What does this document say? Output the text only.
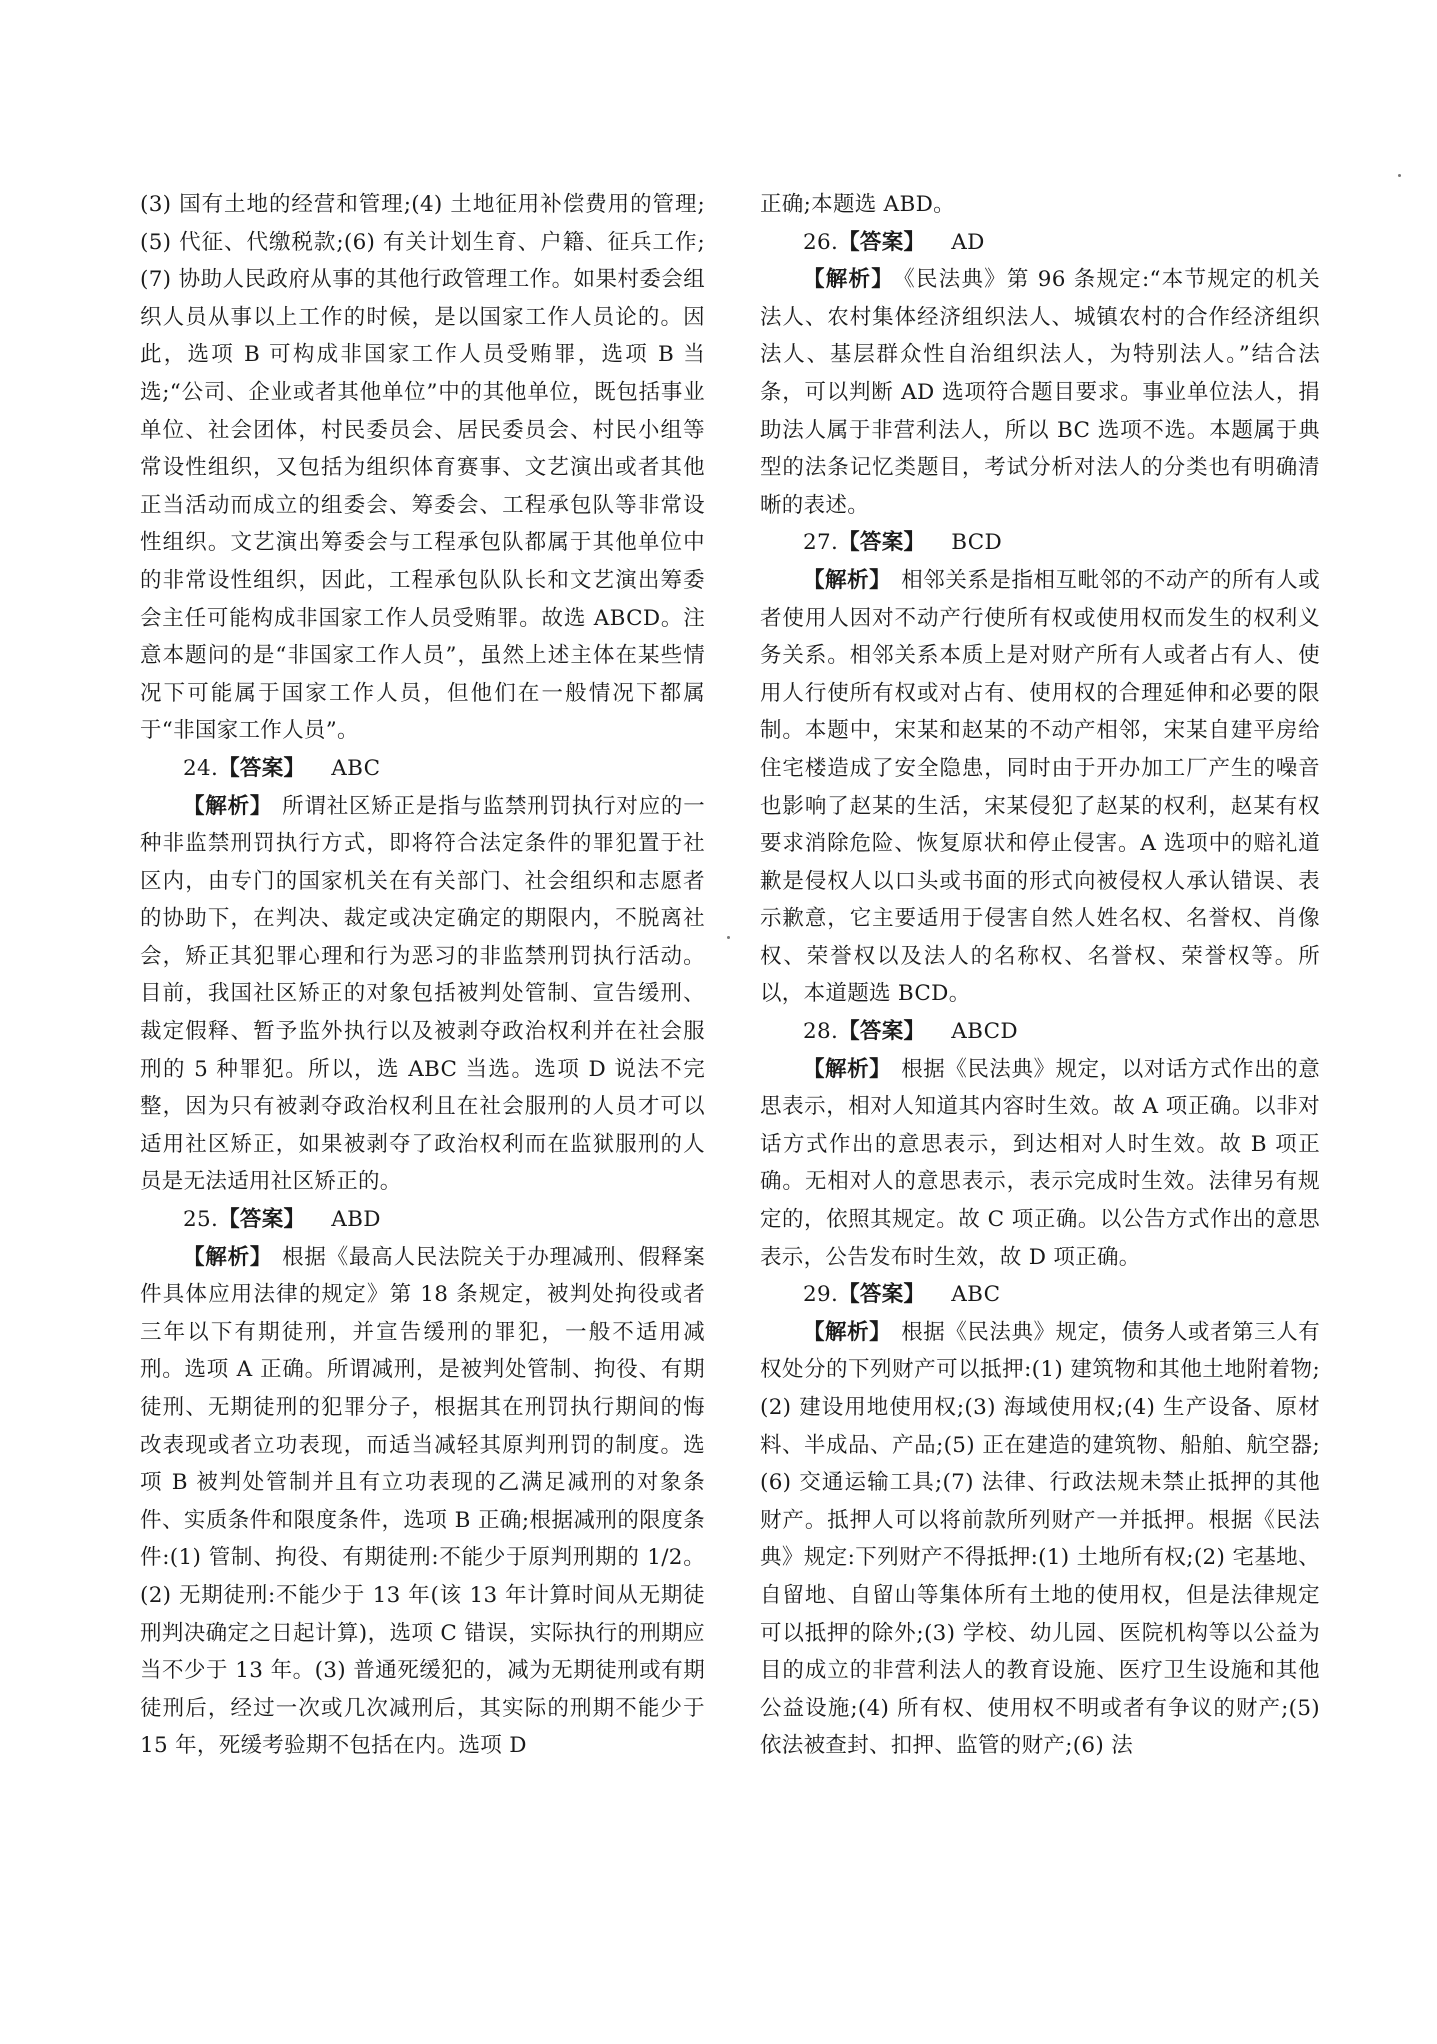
(3) 国有土地的经营和管理;(4) 土地征用补偿费用的管理;(5) 代征、代缴税款;(6) 有关计划生育、户籍、征兵工作;(7) 协助人民政府从事的其他行政管理工作。如果村委会组织人员从事以上工作的时候，是以国家工作人员论的。因此，选项 B 可构成非国家工作人员受贿罪，选项 B 当选;“公司、企业或者其他单位”中的其他单位，既包括事业单位、社会团体，村民委员会、居民委员会、村民小组等常设性组织，又包括为组织体育赛事、文艺演出或者其他正当活动而成立的组委会、筹委会、工程承包队等非常设性组织。文艺演出筹委会与工程承包队都属于其他单位中的非常设性组织，因此，工程承包队队长和文艺演出筹委会主任可能构成非国家工作人员受贿罪。故选 ABCD。注意本题问的是“非国家工作人员”，虽然上述主体在某些情况下可能属于国家工作人员，但他们在一般情况下都属于“非国家工作人员”。

24.【答案】 ABC

【解析】 所谓社区矫正是指与监禁刑罚执行对应的一种非监禁刑罚执行方式，即将符合法定条件的罪犯置于社区内，由专门的国家机关在有关部门、社会组织和志愿者的协助下，在判决、裁定或决定确定的期限内，不脱离社会，矫正其犯罪心理和行为恶习的非监禁刑罚执行活动。目前，我国社区矫正的对象包括被判处管制、宣告缓刑、裁定假释、暂予监外执行以及被剥夺政治权利并在社会服刑的 5 种罪犯。所以，选 ABC 当选。选项 D 说法不完整，因为只有被剥夺政治权利且在社会服刑的人员才可以适用社区矫正，如果被剥夺了政治权利而在监狱服刑的人员是无法适用社区矫正的。

25.【答案】 ABD

【解析】 根据《最高人民法院关于办理减刑、假释案件具体应用法律的规定》第 18 条规定，被判处拘役或者三年以下有期徒刑，并宣告缓刑的罪犯，一般不适用减刑。选项 A 正确。所谓减刑，是被判处管制、拘役、有期徒刑、无期徒刑的犯罪分子，根据其在刑罚执行期间的悔改表现或者立功表现，而适当减轻其原判刑罚的制度。选项 B 被判处管制并且有立功表现的乙满足减刑的对象条件、实质条件和限度条件，选项 B 正确;根据减刑的限度条件:(1) 管制、拘役、有期徒刑:不能少于原判刑期的 1/2。(2) 无期徒刑:不能少于 13 年(该 13 年计算时间从无期徒刑判决确定之日起计算)，选项 C 错误，实际执行的刑期应当不少于 13 年。(3) 普通死缓犯的，减为无期徒刑或有期徒刑后，经过一次或几次减刑后，其实际的刑期不能少于 15 年，死缓考验期不包括在内。选项 D

正确;本题选 ABD。

26.【答案】 AD

【解析】 《民法典》第 96 条规定:“本节规定的机关法人、农村集体经济组织法人、城镇农村的合作经济组织法人、基层群众性自治组织法人，为特别法人。”结合法条，可以判断 AD 选项符合题目要求。事业单位法人，捐助法人属于非营利法人，所以 BC 选项不选。本题属于典型的法条记忆类题目，考试分析对法人的分类也有明确清晰的表述。

27.【答案】 BCD

【解析】 相邻关系是指相互毗邻的不动产的所有人或者使用人因对不动产行使所有权或使用权而发生的权利义务关系。相邻关系本质上是对财产所有人或者占有人、使用人行使所有权或对占有、使用权的合理延伸和必要的限制。本题中，宋某和赵某的不动产相邻，宋某自建平房给住宅楼造成了安全隐患，同时由于开办加工厂产生的噪音也影响了赵某的生活，宋某侵犯了赵某的权利，赵某有权要求消除危险、恢复原状和停止侵害。A 选项中的赔礼道歉是侵权人以口头或书面的形式向被侵权人承认错误、表示歉意，它主要适用于侵害自然人姓名权、名誉权、肖像权、荣誉权以及法人的名称权、名誉权、荣誉权等。所以，本道题选 BCD。

28.【答案】 ABCD

【解析】 根据《民法典》规定，以对话方式作出的意思表示，相对人知道其内容时生效。故 A 项正确。以非对话方式作出的意思表示，到达相对人时生效。故 B 项正确。无相对人的意思表示，表示完成时生效。法律另有规定的，依照其规定。故 C 项正确。以公告方式作出的意思表示，公告发布时生效，故 D 项正确。

29.【答案】 ABC

【解析】 根据《民法典》规定，债务人或者第三人有权处分的下列财产可以抵押:(1) 建筑物和其他土地附着物;(2) 建设用地使用权;(3) 海域使用权;(4) 生产设备、原材料、半成品、产品;(5) 正在建造的建筑物、船舶、航空器;(6) 交通运输工具;(7) 法律、行政法规未禁止抵押的其他财产。抵押人可以将前款所列财产一并抵押。根据《民法典》规定:下列财产不得抵押:(1) 土地所有权;(2) 宅基地、自留地、自留山等集体所有土地的使用权，但是法律规定可以抵押的除外;(3) 学校、幼儿园、医院机构等以公益为目的成立的非营利法人的教育设施、医疗卫生设施和其他公益设施;(4) 所有权、使用权不明或者有争议的财产;(5) 依法被查封、扣押、监管的财产;(6) 法
